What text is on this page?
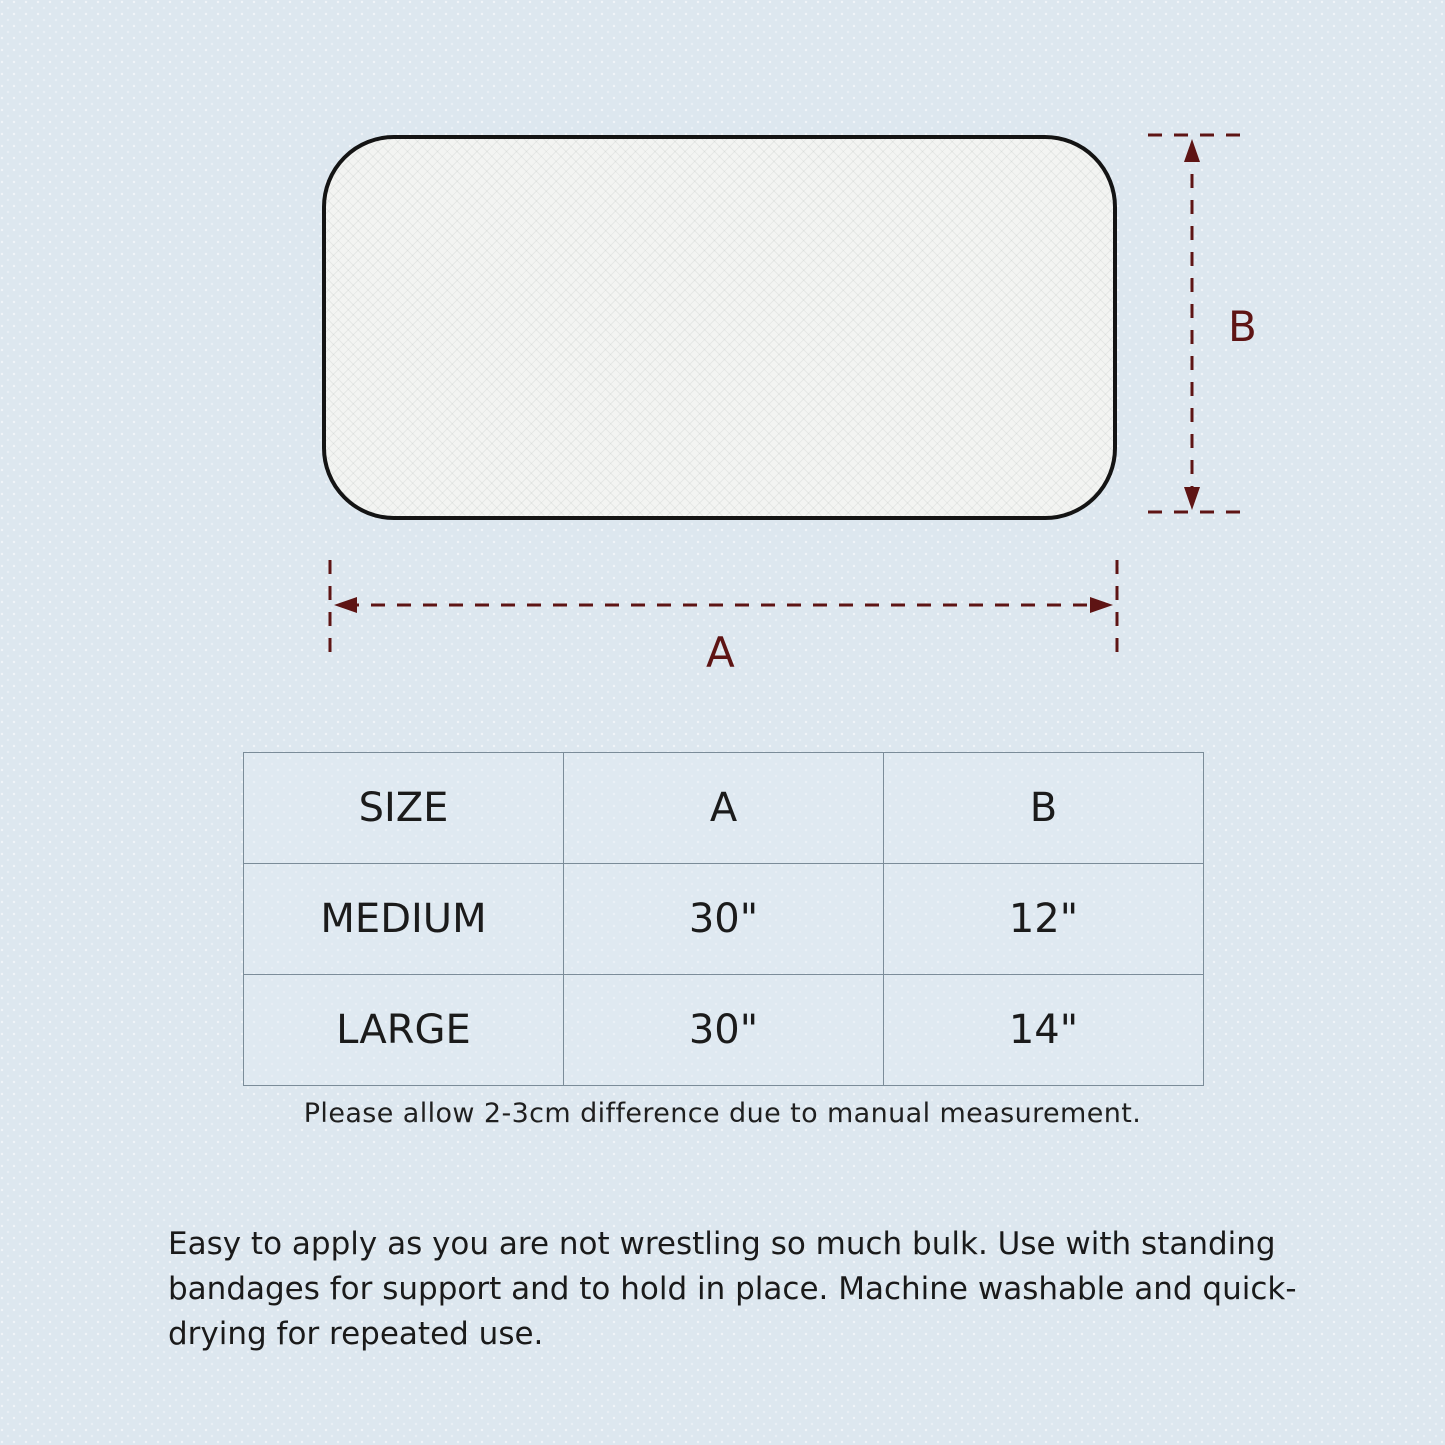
A
B
SIZE	A	B
MEDIUM	30"	12"
LARGE	30"	14"
Please allow 2-3cm difference due to manual measurement.
Easy to apply as you are not wrestling so much bulk. Use with standing bandages for support and to hold in place. Machine washable and quick-drying for repeated use.
